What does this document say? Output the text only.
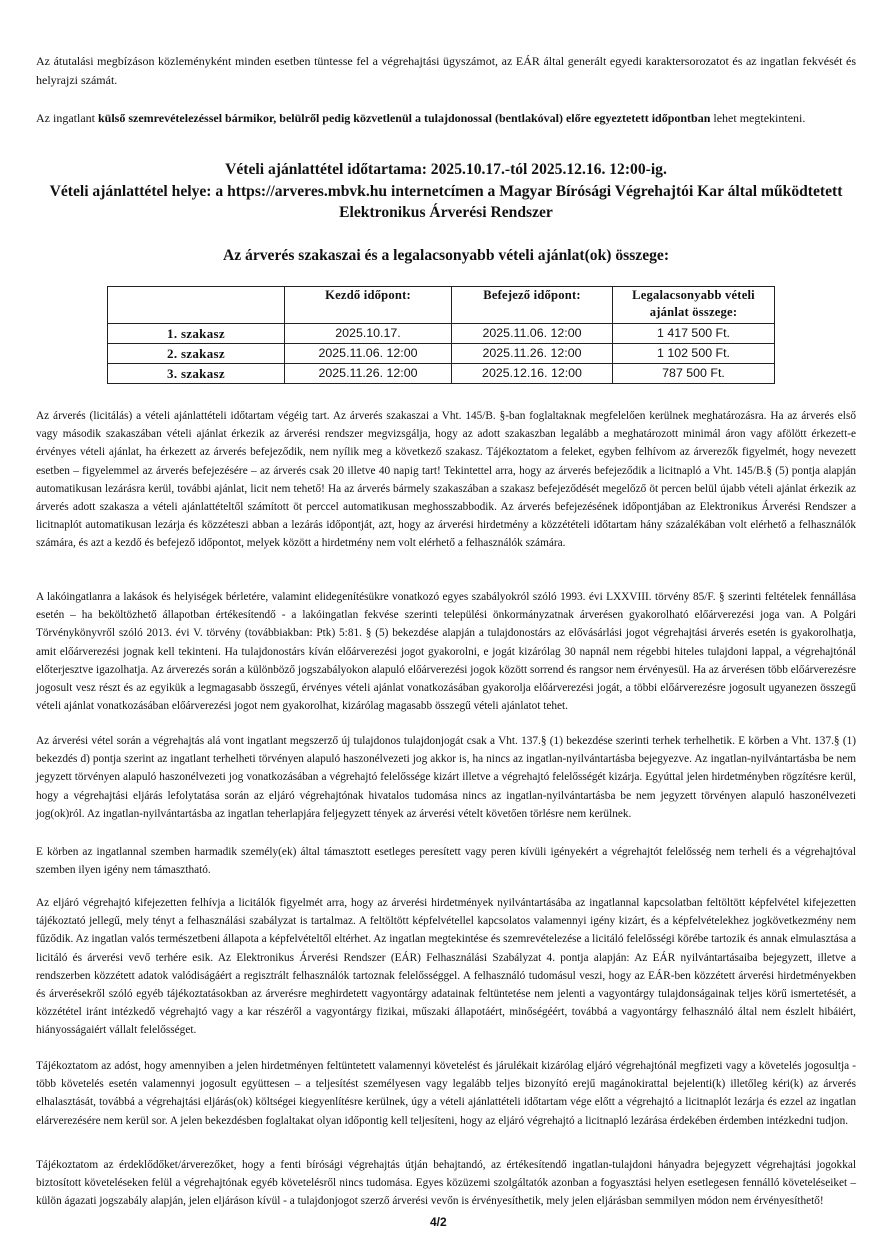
Az átutalási megbízáson közleményként minden esetben tüntesse fel a végrehajtási ügyszámot, az EÁR által generált egyedi karaktersorozatot és az ingatlan fekvését és helyrajzi számát.

Az ingatlant külső szemrevételezéssel bármikor, belülről pedig közvetlenül a tulajdonossal (bentlakóval) előre egyeztetett időpontban lehet megtekinteni.

Vételi ajánlattétel időtartama: 2025.10.17.-tól 2025.12.16. 12:00-ig.
Vételi ajánlattétel helye: a https://arveres.mbvk.hu internetcímen a Magyar Bírósági Végrehajtói Kar által működtetett Elektronikus Árverési Rendszer
Az árverés szakaszai és a legalacsonyabb vételi ajánlat(ok) összege:
	Kezdő időpont:	Befejező időpont:	Legalacsonyabb vételi ajánlat összege:
1. szakasz	2025.10.17.	2025.11.06. 12:00	1 417 500 Ft.
2. szakasz	2025.11.06. 12:00	2025.11.26. 12:00	1 102 500 Ft.
3. szakasz	2025.11.26. 12:00	2025.12.16. 12:00	787 500 Ft.

Az árverés (licitálás) a vételi ajánlattételi időtartam végéig tart. Az árverés szakaszai a Vht. 145/B. §-ban foglaltaknak megfelelően kerülnek meghatározásra. Ha az árverés első vagy második szakaszában vételi ajánlat érkezik az árverési rendszer megvizsgálja, hogy az adott szakaszban legalább a meghatározott minimál áron vagy afölött érkezett-e érvényes vételi ajánlat, ha érkezett az árverés befejeződik, nem nyílik meg a következő szakasz. Tájékoztatom a feleket, egyben felhívom az árverezők figyelmét, hogy nevezett esetben – figyelemmel az árverés befejezésére – az árverés csak 20 illetve 40 napig tart! Tekintettel arra, hogy az árverés befejeződik a licitnapló a Vht. 145/B.§ (5) pontja alapján automatikusan lezárásra kerül, további ajánlat, licit nem tehető! Ha az árverés bármely szakaszában a szakasz befejeződését megelőző öt percen belül újabb vételi ajánlat érkezik az árverés adott szakasza a vételi ajánlattételtől számított öt perccel automatikusan meghosszabbodik. Az árverés befejezésének időpontjában az Elektronikus Árverési Rendszer a licitnaplót automatikusan lezárja és közzéteszi abban a lezárás időpontját, azt, hogy az árverési hirdetmény a közzétételi időtartam hány százalékában volt elérhető a felhasználók számára, és azt a kezdő és befejező időpontot, melyek között a hirdetmény nem volt elérhető a felhasználók számára.

A lakóingatlanra a lakások és helyiségek bérletére, valamint elidegenítésükre vonatkozó egyes szabályokról szóló 1993. évi LXXVIII. törvény 85/F. § szerinti feltételek fennállása esetén – ha beköltözhető állapotban értékesítendő - a lakóingatlan fekvése szerinti települési önkormányzatnak árverésen gyakorolható előárverezési joga van. A Polgári Törvénykönyvről szóló 2013. évi V. törvény (továbbiakban: Ptk) 5:81. § (5) bekezdése alapján a tulajdonostárs az elővásárlási jogot végrehajtási árverés esetén is gyakorolhatja, amit előárverezési jognak kell tekinteni. Ha tulajdonostárs kíván előárverezési jogot gyakorolni, e jogát kizárólag 30 napnál nem régebbi hiteles tulajdoni lappal, a végrehajtónál előterjesztve igazolhatja. Az árverezés során a különböző jogszabályokon alapuló előárverezési jogok között sorrend és rangsor nem érvényesül. Ha az árverésen több előárverezésre jogosult vesz részt és az egyikük a legmagasabb összegű, érvényes vételi ajánlat vonatkozásában gyakorolja előárverezési jogát, a többi előárverezésre jogosult ugyanezen összegű vételi ajánlat vonatkozásában előárverezési jogot nem gyakorolhat, kizárólag magasabb összegű vételi ajánlatot tehet.

Az árverési vétel során a végrehajtás alá vont ingatlant megszerző új tulajdonos tulajdonjogát csak a Vht. 137.§ (1) bekezdése szerinti terhek terhelhetik. E körben a Vht. 137.§ (1) bekezdés d) pontja szerint az ingatlant terhelheti törvényen alapuló haszonélvezeti jog akkor is, ha nincs az ingatlan-nyilvántartásba bejegyezve. Az ingatlan-nyilvántartásba be nem jegyzett törvényen alapuló haszonélvezeti jog vonatkozásában a végrehajtó felelőssége kizárt illetve a végrehajtó felelősségét kizárja. Egyúttal jelen hirdetményben rögzítésre kerül, hogy a végrehajtási eljárás lefolytatása során az eljáró végrehajtónak hivatalos tudomása nincs az ingatlan-nyilvántartásba be nem jegyzett törvényen alapuló haszonélvezeti jog(ok)ról. Az ingatlan-nyilvántartásba az ingatlan teherlapjára feljegyzett tények az árverési vételt követően törlésre nem kerülnek.

E körben az ingatlannal szemben harmadik személy(ek) által támasztott esetleges peresített vagy peren kívüli igényekért a végrehajtót felelősség nem terheli és a végrehajtóval szemben ilyen igény nem támasztható.

Az eljáró végrehajtó kifejezetten felhívja a licitálók figyelmét arra, hogy az árverési hirdetmények nyilvántartásába az ingatlannal kapcsolatban feltöltött képfelvétel kifejezetten tájékoztató jellegű, mely tényt a felhasználási szabályzat is tartalmaz. A feltöltött képfelvétellel kapcsolatos valamennyi igény kizárt, és a képfelvételekhez jogkövetkezmény nem fűződik. Az ingatlan valós természetbeni állapota a képfelvételtől eltérhet. Az ingatlan megtekintése és szemrevételezése a licitáló felelősségi körébe tartozik és annak elmulasztása a licitáló és árverési vevő terhére esik. Az Elektronikus Árverési Rendszer (EÁR) Felhasználási Szabályzat 4. pontja alapján: Az EÁR nyilvántartásaiba bejegyzett, illetve a rendszerben közzétett adatok valódiságáért a regisztrált felhasználók tartoznak felelősséggel. A felhasználó tudomásul veszi, hogy az EÁR-ben közzétett árverési hirdetményekben és árverésekről szóló egyéb tájékoztatásokban az árverésre meghirdetett vagyontárgy adatainak feltüntetése nem jelenti a vagyontárgy tulajdonságainak teljes körű ismertetését, a közzététel iránt intézkedő végrehajtó vagy a kar részéről a vagyontárgy fizikai, műszaki állapotáért, minőségéért, továbbá a vagyontárgy felhasználó által nem észlelt hibáiért, hiányosságaiért vállalt felelősséget.

Tájékoztatom az adóst, hogy amennyiben a jelen hirdetményen feltüntetett valamennyi követelést és járulékait kizárólag eljáró végrehajtónál megfizeti vagy a követelés jogosultja - több követelés esetén valamennyi jogosult együttesen – a teljesítést személyesen vagy legalább teljes bizonyító erejű magánokirattal bejelenti(k) illetőleg kéri(k) az árverés elhalasztását, továbbá a végrehajtási eljárás(ok) költségei kiegyenlítésre kerülnek, úgy a vételi ajánlattételi időtartam vége előtt a végrehajtó a licitnaplót lezárja és ezzel az ingatlan elárverezésére nem kerül sor. A jelen bekezdésben foglaltakat olyan időpontig kell teljesíteni, hogy az eljáró végrehajtó a licitnapló lezárása érdekében érdemben intézkedni tudjon.

Tájékoztatom az érdeklődőket/árverezőket, hogy a fenti bírósági végrehajtás útján behajtandó, az értékesítendő ingatlan-tulajdoni hányadra bejegyzett végrehajtási jogokkal biztosított követeléseken felül a végrehajtónak egyéb követelésről nincs tudomása. Egyes közüzemi szolgáltatók azonban a fogyasztási helyen esetlegesen fennálló követeléseiket – külön ágazati jogszabály alapján, jelen eljáráson kívül - a tulajdonjogot szerző árverési vevőn is érvényesíthetik, mely jelen eljárásban semmilyen módon nem érvényesíthető!

4/2
